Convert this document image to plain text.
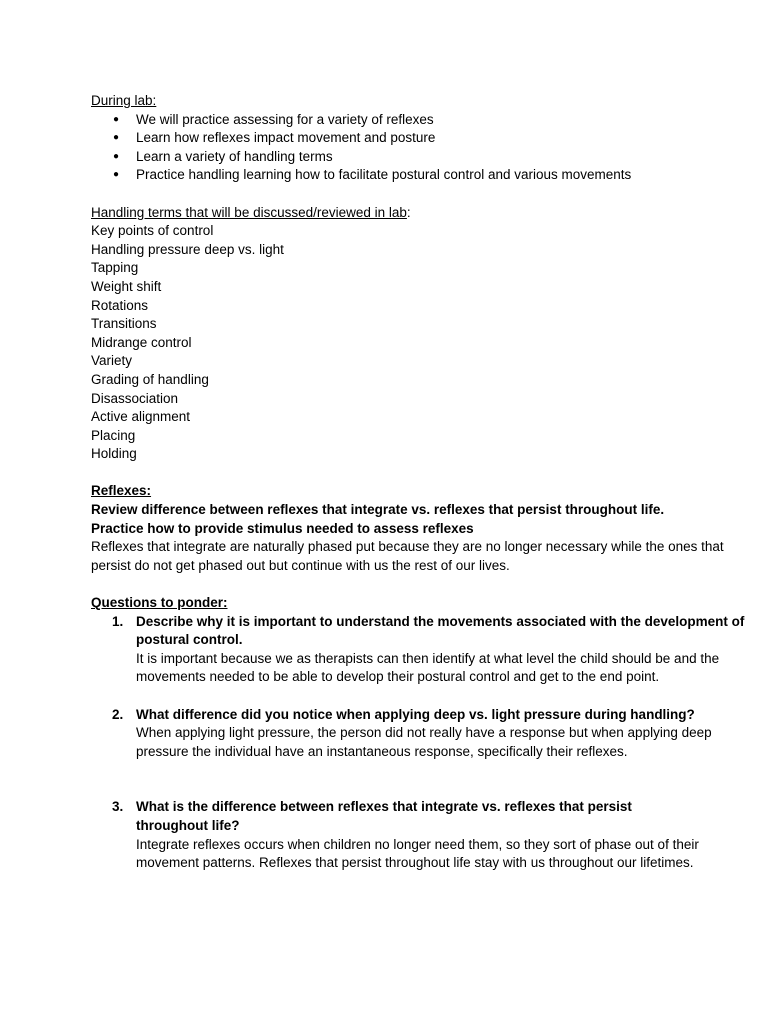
During lab:
● We will practice assessing for a variety of reflexes
● Learn how reflexes impact movement and posture
● Learn a variety of handling terms
● Practice handling learning how to facilitate postural control and various movements
Handling terms that will be discussed/reviewed in lab:
Key points of control
Handling pressure deep vs. light
Tapping
Weight shift
Rotations
Transitions
Midrange control
Variety
Grading of handling
Disassociation
Active alignment
Placing
Holding
Reflexes:
Review difference between reflexes that integrate vs. reflexes that persist throughout life.
Practice how to provide stimulus needed to assess reflexes
Reflexes that integrate are naturally phased put because they are no longer necessary while the ones that persist do not get phased out but continue with us the rest of our lives.
Questions to ponder:
1. Describe why it is important to understand the movements associated with the development of postural control.
It is important because we as therapists can then identify at what level the child should be and the movements needed to be able to develop their postural control and get to the end point.
2. What difference did you notice when applying deep vs. light pressure during handling?
When applying light pressure, the person did not really have a response but when applying deep pressure the individual have an instantaneous response, specifically their reflexes.
3. What is the difference between reflexes that integrate vs. reflexes that persist throughout life?
Integrate reflexes occurs when children no longer need them, so they sort of phase out of their movement patterns. Reflexes that persist throughout life stay with us throughout our lifetimes.
